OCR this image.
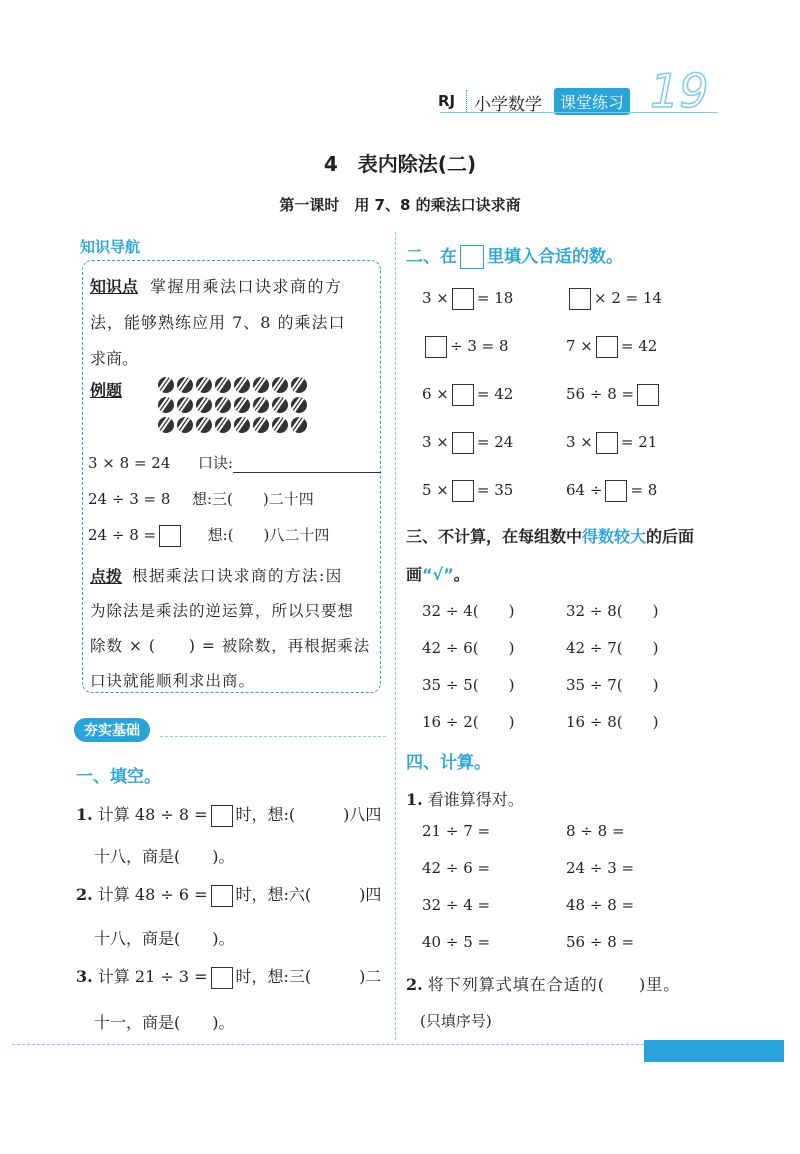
RJ 小学数学	课堂练习 19
4　表内除法(二)
第一课时　用 7、8 的乘法口诀求商
知识导航
知识点 掌握用乘法口诀求商的方
法，能够熟练应用 7、8 的乘法口
求商。
例题
3 × 8 = 24 口诀:
24 ÷ 3 = 8 想:三(　　)二十四
24 ÷ 8 =	想:(　　)八二十四
点拨 根据乘法口诀求商的方法:因
为除法是乘法的逆运算，所以只要想
除数 × (　　) = 被除数，再根据乘法
口诀就能顺利求出商。
夯实基础
一、填空。
1. 计算 48 ÷ 8 = 时，想:(　　　)八四
十八，商是(　　)。
2. 计算 48 ÷ 6 = 时，想:六(　　　)四
十八，商是(　　)。
3. 计算 21 ÷ 3 = 时，想:三(　　　)二
十一，商是(　　)。
二、在 里填入合适的数。
3 × = 18	× 2 = 14
÷ 3 = 8	7 × = 42
6 × = 42	56 ÷ 8 =
3 × = 24	3 × = 21
5 × = 35	64 ÷ = 8
三、不计算，在每组数中得数较大的后面
画“√”。
32 ÷ 4(　　)	32 ÷ 8(　　)
42 ÷ 6(　　)	42 ÷ 7(　　)
35 ÷ 5(　　)	35 ÷ 7(　　)
16 ÷ 2(　　)	16 ÷ 8(　　)
四、计算。
1. 看谁算得对。
21 ÷ 7 =	8 ÷ 8 =
42 ÷ 6 =	24 ÷ 3 =
32 ÷ 4 =	48 ÷ 8 =
40 ÷ 5 =	56 ÷ 8 =
2. 将下列算式填在合适的(　　)里。
(只填序号)
